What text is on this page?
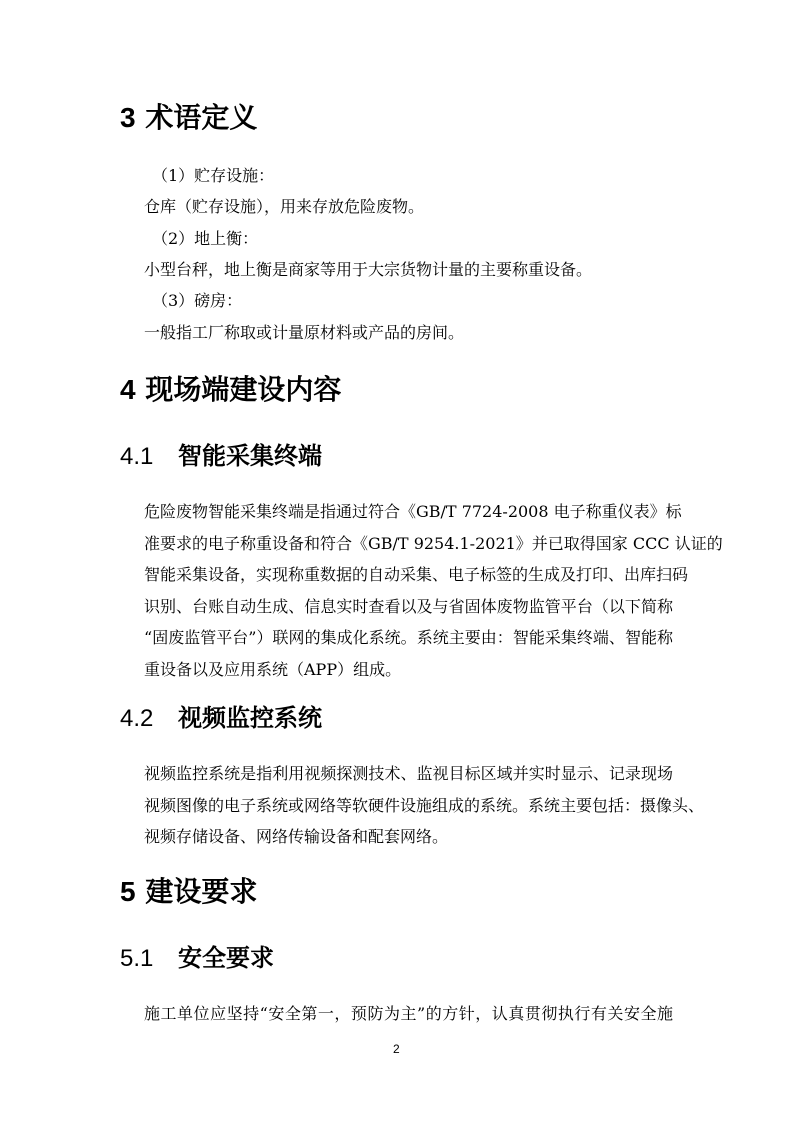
3 术语定义
（1）贮存设施：
仓库（贮存设施），用来存放危险废物。
（2）地上衡：
小型台秤，地上衡是商家等用于大宗货物计量的主要称重设备。
（3）磅房：
一般指工厂称取或计量原材料或产品的房间。
4 现场端建设内容
4.1 智能采集终端
危险废物智能采集终端是指通过符合《GB/T 7724-2008 电子称重仪表》标
准要求的电子称重设备和符合《GB/T 9254.1-2021》并已取得国家 CCC 认证的
智能采集设备，实现称重数据的自动采集、电子标签的生成及打印、出库扫码
识别、台账自动生成、信息实时查看以及与省固体废物监管平台（以下简称
“固废监管平台”）联网的集成化系统。系统主要由：智能采集终端、智能称
重设备以及应用系统（APP）组成。
4.2 视频监控系统
视频监控系统是指利用视频探测技术、监视目标区域并实时显示、记录现场
视频图像的电子系统或网络等软硬件设施组成的系统。系统主要包括：摄像头、
视频存储设备、网络传输设备和配套网络。
5 建设要求
5.1 安全要求
施工单位应坚持“安全第一，预防为主”的方针，认真贯彻执行有关安全施
2
